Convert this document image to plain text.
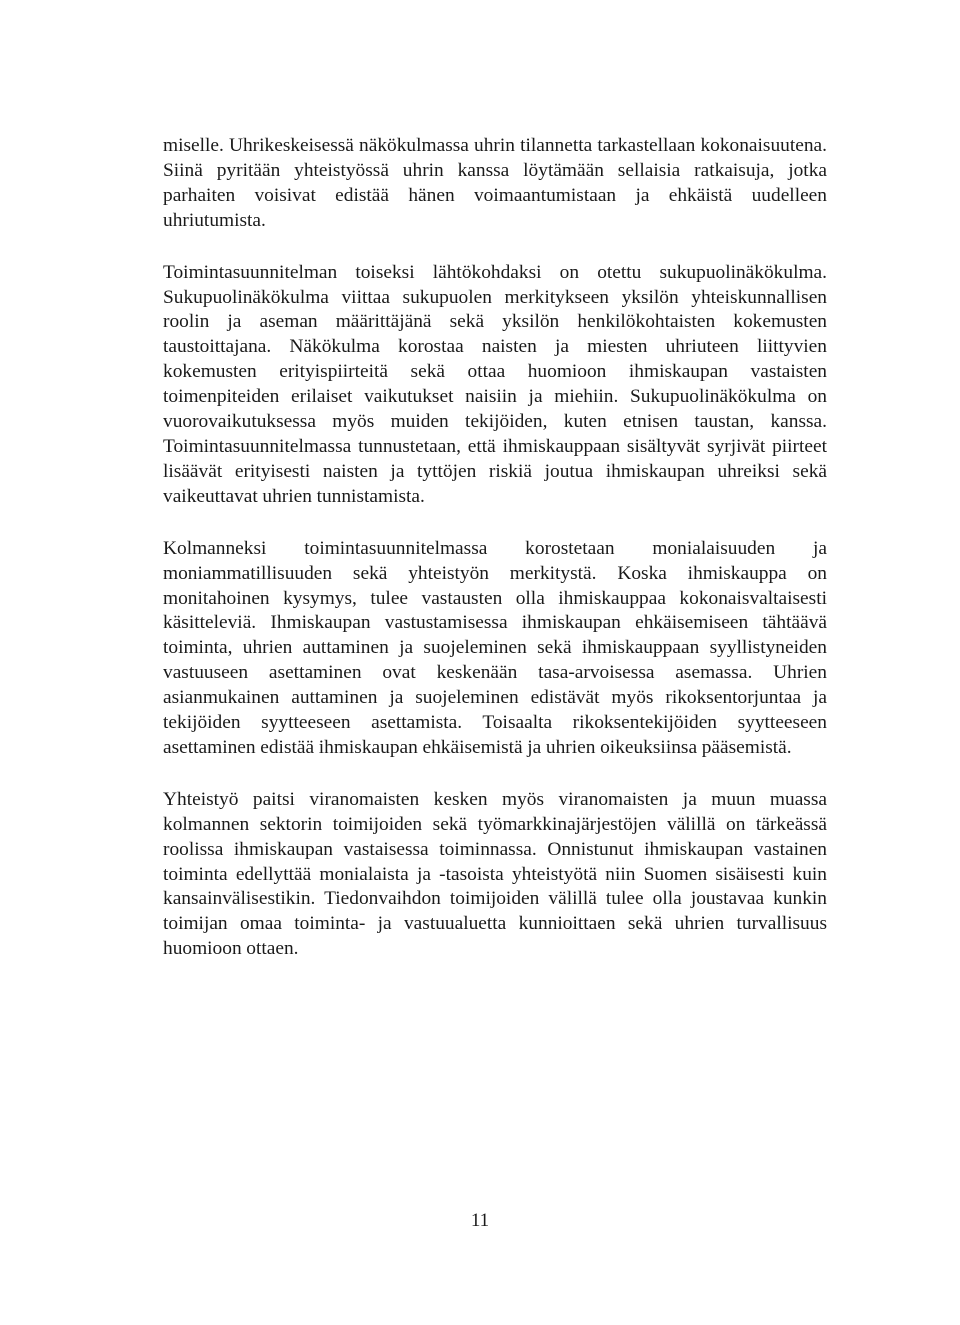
miselle. Uhrikeskeisessä näkökulmassa uhrin tilannetta tarkastellaan kokonaisuutena. Siinä pyritään yhteistyössä uhrin kanssa löytämään sellaisia ratkaisuja, jotka parhaiten voisivat edistää hänen voimaantumistaan ja ehkäistä uudelleen uhriutumista.

Toimintasuunnitelman toiseksi lähtökohdaksi on otettu sukupuolinäkökulma. Sukupuolinäkökulma viittaa sukupuolen merkitykseen yksilön yhteiskunnallisen roolin ja aseman määrittäjänä sekä yksilön henkilökohtaisten kokemusten taustoittajana. Näkökulma korostaa naisten ja miesten uhriuteen liittyvien kokemusten erityispiirteitä sekä ottaa huomioon ihmiskaupan vastaisten toimenpiteiden erilaiset vaikutukset naisiin ja miehiin. Sukupuolinäkökulma on vuorovaikutuksessa myös muiden tekijöiden, kuten etnisen taustan, kanssa. Toimintasuunnitelmassa tunnustetaan, että ihmiskauppaan sisältyvät syrjivät piirteet lisäävät erityisesti naisten ja tyttöjen riskiä joutua ihmiskaupan uhreiksi sekä vaikeuttavat uhrien tunnistamista.

Kolmanneksi toimintasuunnitelmassa korostetaan monialaisuuden ja moniammatillisuuden sekä yhteistyön merkitystä. Koska ihmiskauppa on monitahoinen kysymys, tulee vastausten olla ihmiskauppaa kokonaisvaltaisesti käsitteleviä. Ihmiskaupan vastustamisessa ihmiskaupan ehkäisemiseen tähtäävä toiminta, uhrien auttaminen ja suojeleminen sekä ihmiskauppaan syyllistyneiden vastuuseen asettaminen ovat keskenään tasa-arvoisessa asemassa. Uhrien asianmukainen auttaminen ja suojeleminen edistävät myös rikoksentorjuntaa ja tekijöiden syytteeseen asettamista. Toisaalta rikoksentekijöiden syytteeseen asettaminen edistää ihmiskaupan ehkäisemistä ja uhrien oikeuksiinsa pääsemistä.

Yhteistyö paitsi viranomaisten kesken myös viranomaisten ja muun muassa kolmannen sektorin toimijoiden sekä työmarkkinajärjestöjen välillä on tärkeässä roolissa ihmiskaupan vastaisessa toiminnassa. Onnistunut ihmiskaupan vastainen toiminta edellyttää monialaista ja -tasoista yhteistyötä niin Suomen sisäisesti kuin kansainvälisestikin. Tiedonvaihdon toimijoiden välillä tulee olla joustavaa kunkin toimijan omaa toiminta- ja vastuualuetta kunnioittaen sekä uhrien turvallisuus huomioon ottaen.

11
